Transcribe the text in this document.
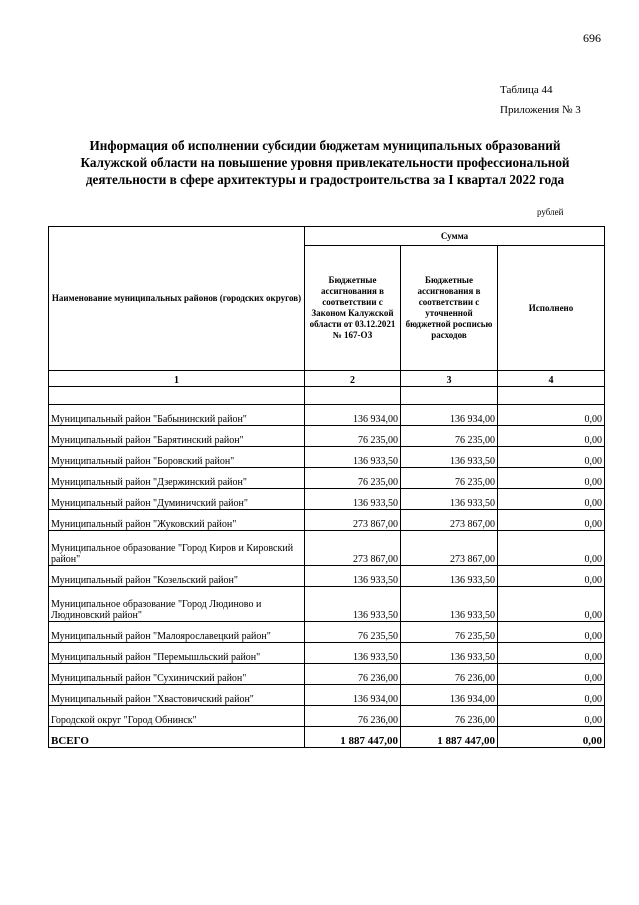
696
Таблица 44
Приложения № 3
Информация об исполнении субсидии бюджетам муниципальных образований Калужской области на повышение уровня привлекательности профессиональной деятельности в сфере архитектуры и градостроительства за I квартал 2022 года
рублей
Наименование муниципальных районов (городских округов)	Сумма		
	Бюджетные ассигнования в соответствии с Законом Калужской области от 03.12.2021 № 167-ОЗ	Бюджетные ассигнования в соответствии с уточненной бюджетной росписью расходов	Исполнено
1	2	3	4

Муниципальный район "Бабынинский район"	136 934,00	136 934,00	0,00
Муниципальный район "Барятинский район"	76 235,00	76 235,00	0,00
Муниципальный район "Боровский район"	136 933,50	136 933,50	0,00
Муниципальный район "Дзержинский район"	76 235,00	76 235,00	0,00
Муниципальный район "Думиничский район"	136 933,50	136 933,50	0,00
Муниципальный район "Жуковский район"	273 867,00	273 867,00	0,00
Муниципальное образование "Город Киров и Кировский район"	273 867,00	273 867,00	0,00
Муниципальный район "Козельский район"	136 933,50	136 933,50	0,00
Муниципальное образование "Город Людиново и Людиновский район"	136 933,50	136 933,50	0,00
Муниципальный район "Малоярославецкий район"	76 235,50	76 235,50	0,00
Муниципальный район "Перемышльский район"	136 933,50	136 933,50	0,00
Муниципальный район "Сухиничский район"	76 236,00	76 236,00	0,00
Муниципальный район "Хвастовичский район"	136 934,00	136 934,00	0,00
Городской округ "Город Обнинск"	76 236,00	76 236,00	0,00
ВСЕГО	1 887 447,00	1 887 447,00	0,00
